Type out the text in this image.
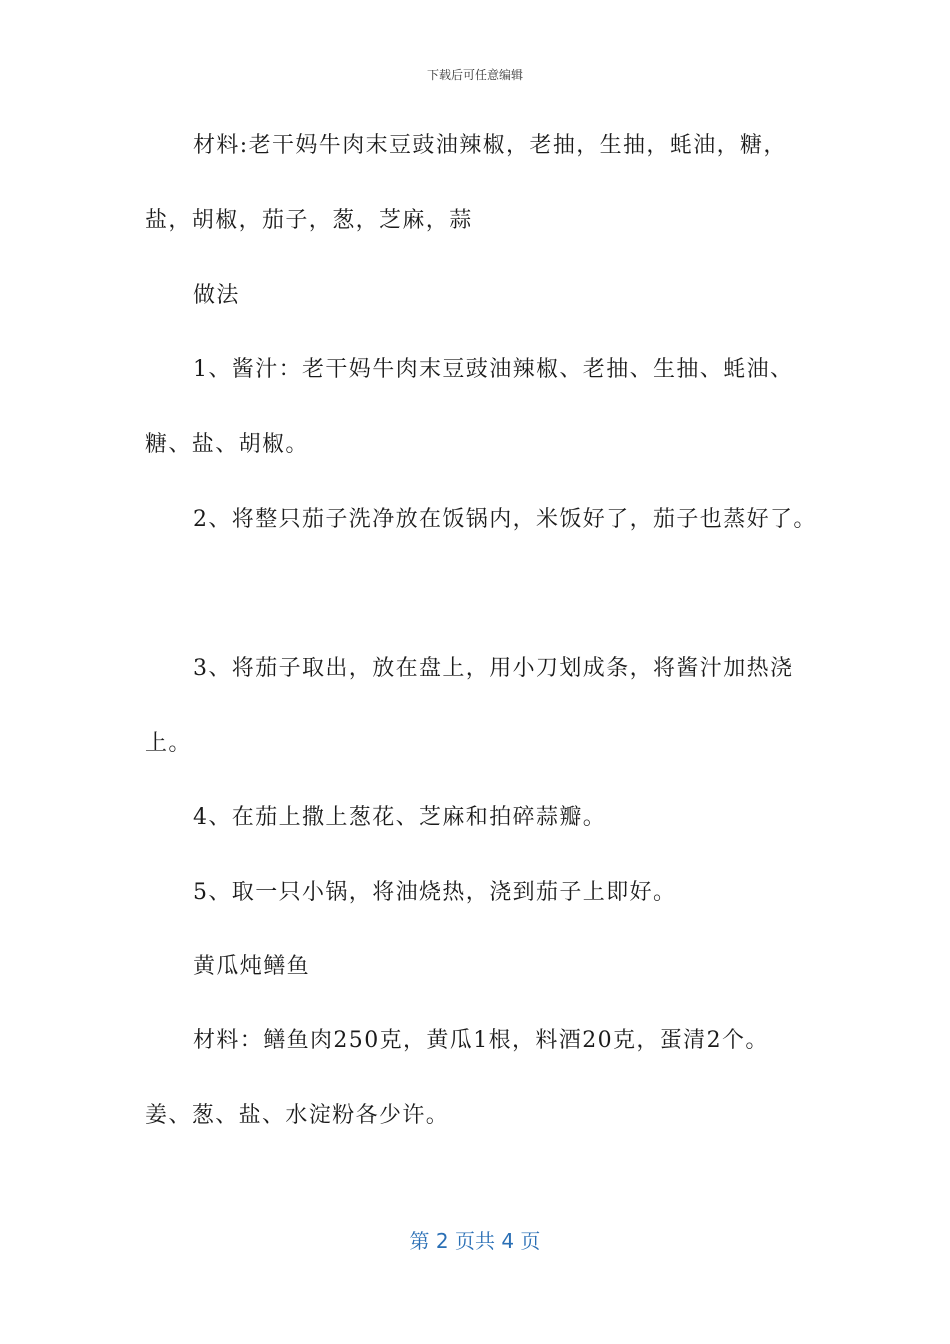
下载后可任意编辑
材料:老干妈牛肉末豆豉油辣椒，老抽，生抽，蚝油，糖，
盐，胡椒，茄子，葱，芝麻，蒜
做法
1、酱汁：老干妈牛肉末豆豉油辣椒、老抽、生抽、蚝油、
糖、盐、胡椒。
2、将整只茄子洗净放在饭锅内，米饭好了，茄子也蒸好了。
3、将茄子取出，放在盘上，用小刀划成条，将酱汁加热浇
上。
4、在茄上撒上葱花、芝麻和拍碎蒜瓣。
5、取一只小锅，将油烧热，浇到茄子上即好。
黄瓜炖鳝鱼
材料：鳝鱼肉250克，黄瓜1根，料酒20克，蛋清2个。
姜、葱、盐、水淀粉各少许。
第 2 页共 4 页
